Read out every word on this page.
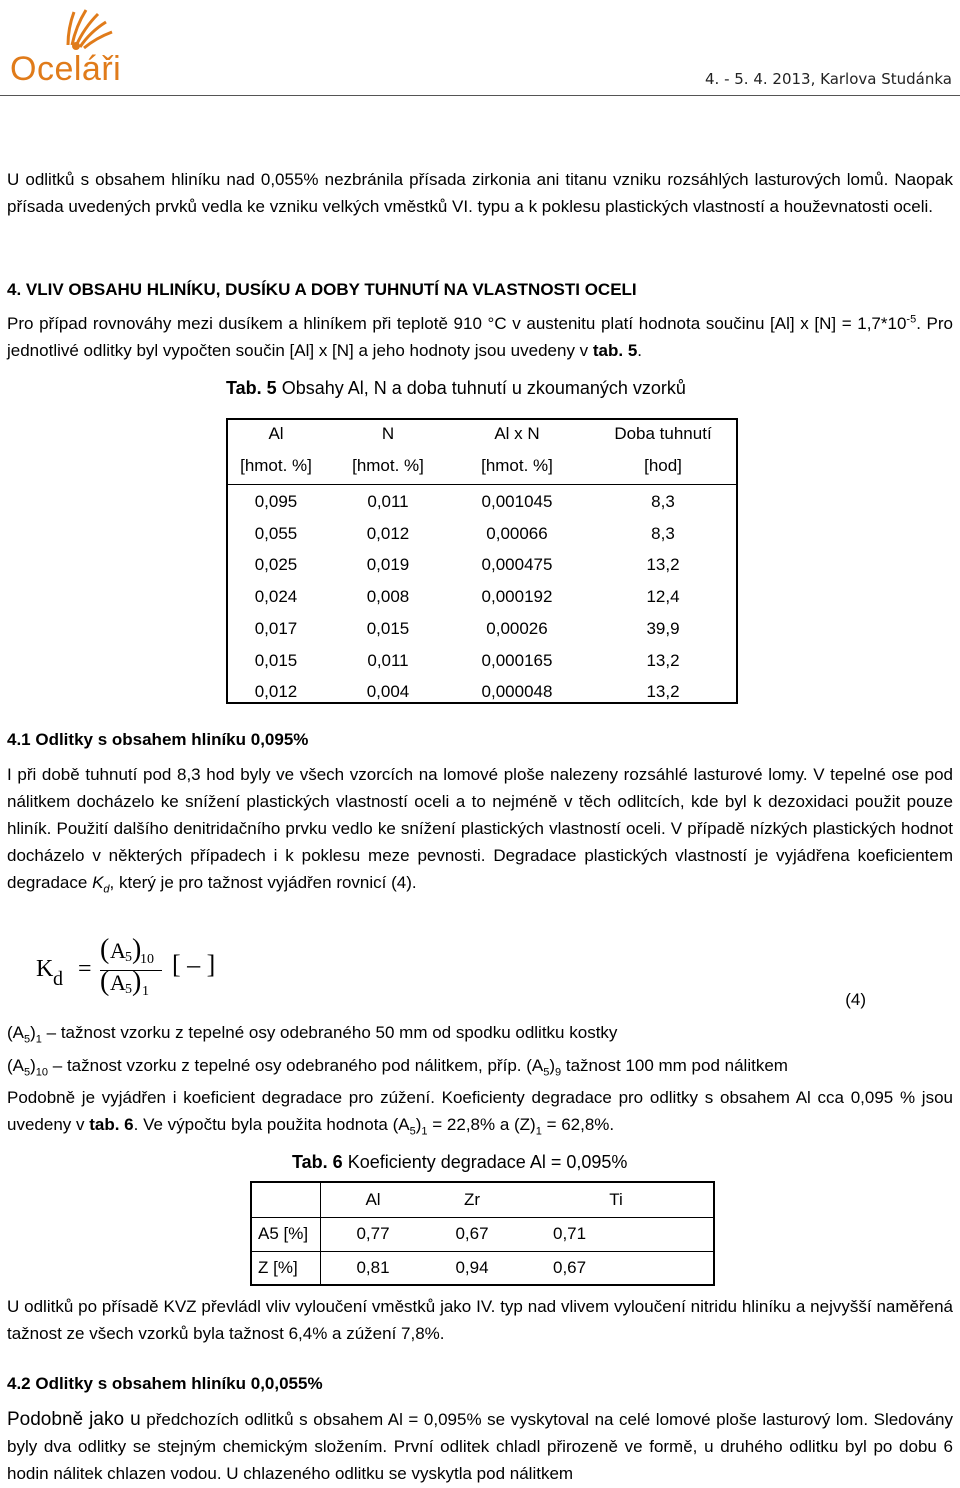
Oceláři	4. - 5. 4. 2013, Karlova Studánka

U odlitků s obsahem hliníku nad 0,055% nezbránila přísada zirkonia ani titanu vzniku rozsáhlých lasturových lomů. Naopak přísada uvedených prvků vedla ke vzniku velkých vměstků VI. typu a k poklesu plastických vlastností a houževnatosti oceli.

4. VLIV OBSAHU HLINÍKU, DUSÍKU A DOBY TUHNUTÍ NA VLASTNOSTI OCELI

Pro případ rovnováhy mezi dusíkem a hliníkem při teplotě 910 °C v austenitu platí hodnota součinu [Al] x $[N] = 1,7*10^{-5}$. Pro jednotlivé odlitky byl vypočten součin [Al] x [N] a jeho hodnoty jsou uvedeny v tab. 5.

Tab. 5 Obsahy Al, N a doba tuhnutí u zkoumaných vzorků
Al	N	Al x N	Doba tuhnutí
[hmot. %]	[hmot. %]	[hmot. %]	[hod]
0,095	0,011	0,001045	8,3
0,055	0,012	0,00066	8,3
0,025	0,019	0,000475	13,2
0,024	0,008	0,000192	12,4
0,017	0,015	0,00026	39,9
0,015	0,011	0,000165	13,2
0,012	0,004	0,000048	13,2
4.1 Odlitky s obsahem hliníku 0,095%

I při době tuhnutí pod 8,3 hod byly ve všech vzorcích na lomové ploše nalezeny rozsáhlé lasturové lomy. V tepelné ose pod nálitkem docházelo ke snížení plastických vlastností oceli a to nejméně v těch odlitcích, kde byl k dezoxidaci použit pouze hliník. Použití dalšího denitridačního prvku vedlo ke snížení plastických vlastností oceli. V případě nízkých plastických hodnot docházelo v některých případech i k poklesu meze pevnosti. Degradace plastických vlastností je vyjádřena koeficientem degradace $K_d$, který je pro tažnost vyjádřen rovnicí (4).

K d =
( A 5 )
10
( A 5 ) 1
[ – ]
(4)

$(A_5)_1$ – tažnost vzorku z tepelné osy odebraného 50 mm od spodku odlitku kostky

$(A_5)_{10}$ – tažnost vzorku z tepelné osy odebraného pod nálitkem, příp. $(A_5)_9$ tažnost 100 mm pod nálitkem

Podobně je vyjádřen i koeficient degradace pro zúžení. Koeficienty degradace pro odlitky s obsahem Al cca 0,095 % jsou uvedeny v tab. 6. Ve výpočtu byla použita hodnota $(A_5)_1 = 22,8\%$ a $(Z)_1 = 62,8\%$.

Tab. 6 Koeficienty degradace Al = 0,095%
	Al	Zr	Ti
A5 [%]	0,77	0,67	0,71
Z [%]	0,81	0,94	0,67

U odlitků po přísadě KVZ převládl vliv vyloučení vměstků jako IV. typ nad vlivem vyloučení nitridu hliníku a nejvyšší naměřená tažnost ze všech vzorků byla tažnost 6,4% a zúžení 7,8%.

4.2 Odlitky s obsahem hliníku 0,0,055%

Podobně jako u předchozích odlitků s obsahem Al = 0,095% se vyskytoval na celé lomové ploše lasturový lom. Sledovány byly dva odlitky se stejným chemickým složením. První odlitek chladl přirozeně ve formě, u druhého odlitku byl po dobu 6 hodin nálitek chlazen vodou. U chlazeného odlitku se vyskytla pod nálitkem
